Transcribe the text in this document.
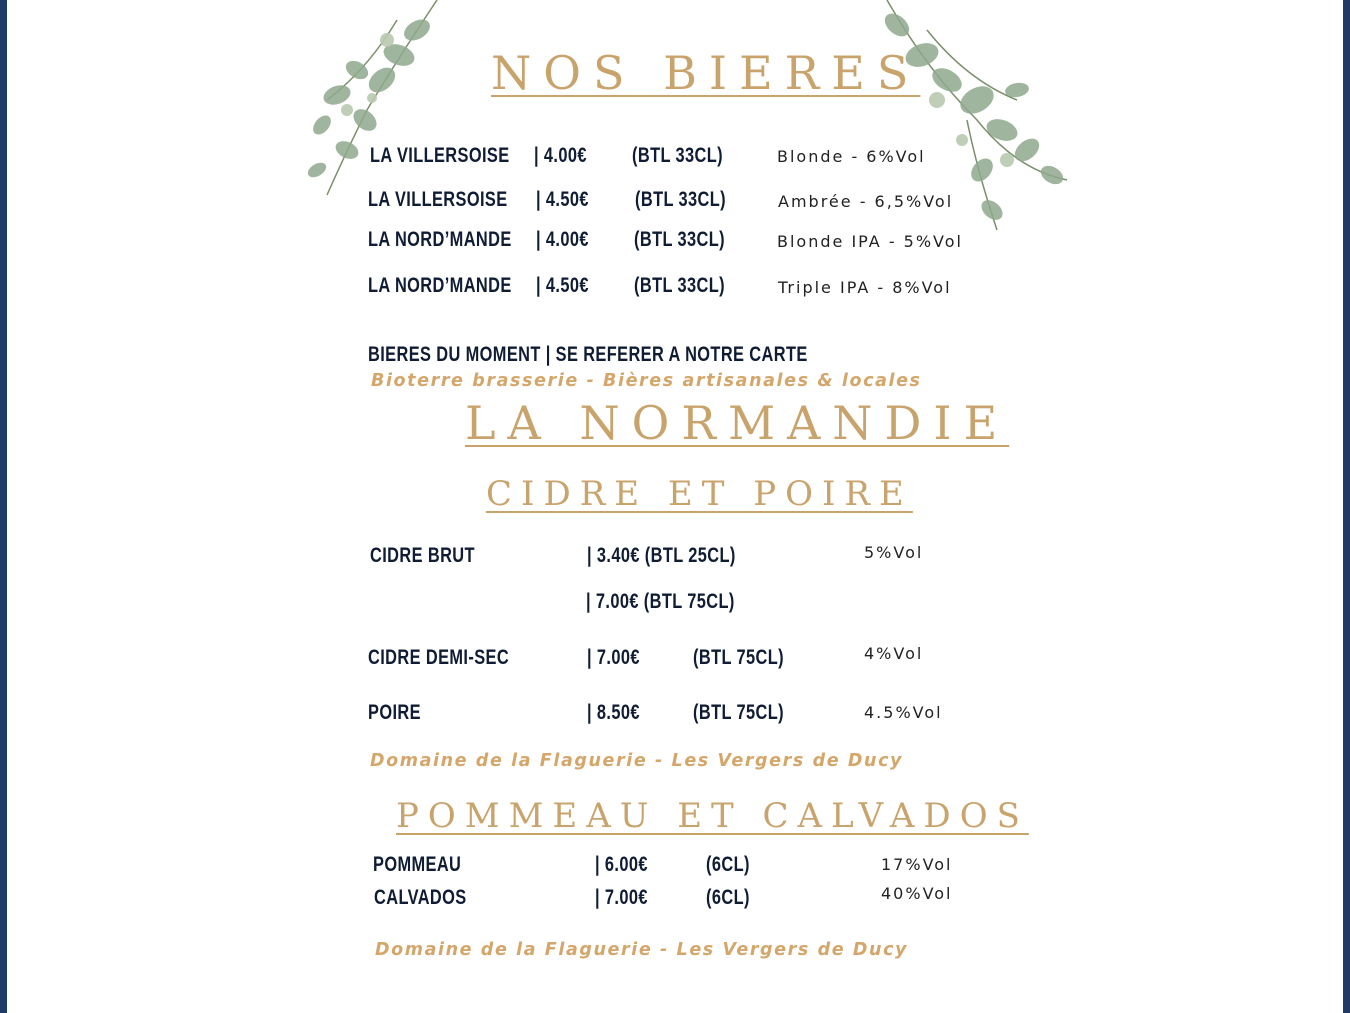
NOS BIERES
LA VILLERSOISE | 4.00€ (BTL 33CL)	Blonde - 6%Vol
LA VILLERSOISE | 4.50€ (BTL 33CL)	Ambrée - 6,5%Vol
LA NORD’MANDE | 4.00€ (BTL 33CL)	Blonde IPA - 5%Vol
LA NORD’MANDE | 4.50€ (BTL 33CL)	Triple IPA - 8%Vol
BIERES DU MOMENT | SE REFERER A NOTRE CARTE
Bioterre brasserie - Bières artisanales & locales
LA NORMANDIE
CIDRE ET POIRE
CIDRE BRUT	| 3.40€ (BTL 25CL)	5%Vol
| 7.00€ (BTL 75CL)
CIDRE DEMI-SEC	| 7.00€	(BTL 75CL)	4%Vol
POIRE	| 8.50€	(BTL 75CL)	4.5%Vol
Domaine de la Flaguerie - Les Vergers de Ducy
POMMEAU ET CALVADOS
POMMEAU	| 6.00€	(6CL)	17%Vol
CALVADOS	| 7.00€	(6CL)	40%Vol
Domaine de la Flaguerie - Les Vergers de Ducy
